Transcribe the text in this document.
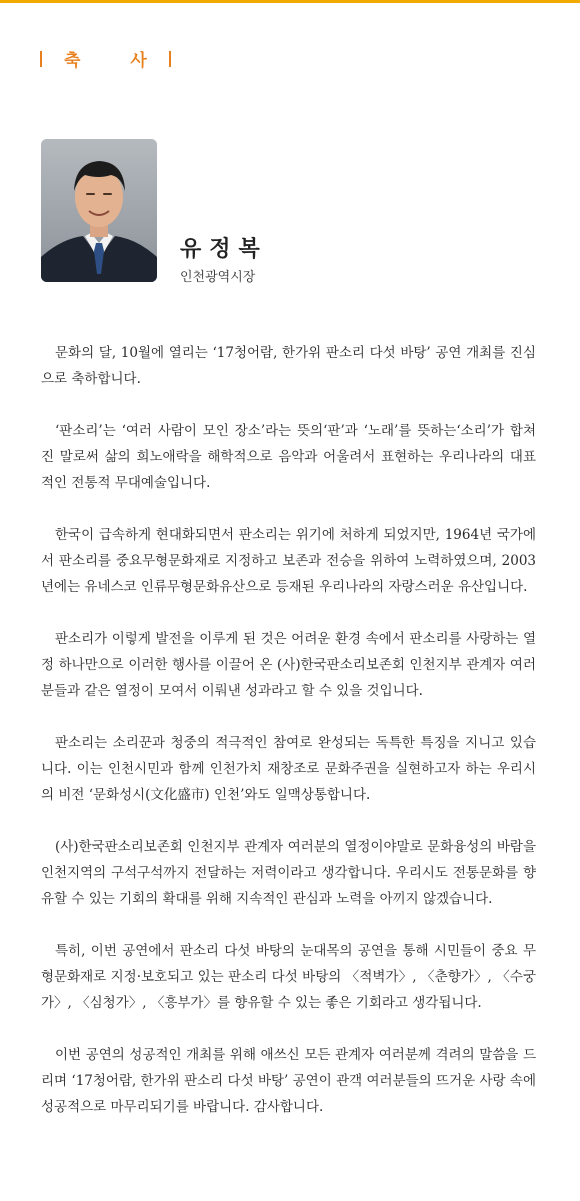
축 사
유정복
인천광역시장

문화의 달, 10월에 열리는 ‘17청어람, 한가위 판소리 다섯 바탕’ 공연 개최를 진심으로 축하합니다.

‘판소리’는 ‘여러 사람이 모인 장소’라는 뜻의‘판’과 ‘노래’를 뜻하는‘소리’가 합쳐진 말로써 삶의 희노애락을 해학적으로 음악과 어울려서 표현하는 우리나라의 대표적인 전통적 무대예술입니다.

한국이 급속하게 현대화되면서 판소리는 위기에 처하게 되었지만, 1964년 국가에서 판소리를 중요무형문화재로 지정하고 보존과 전승을 위하여 노력하였으며, 2003년에는 유네스코 인류무형문화유산으로 등재된 우리나라의 자랑스러운 유산입니다.

판소리가 이렇게 발전을 이루게 된 것은 어려운 환경 속에서 판소리를 사랑하는 열정 하나만으로 이러한 행사를 이끌어 온 (사)한국판소리보존회 인천지부 관계자 여러분들과 같은 열정이 모여서 이뤄낸 성과라고 할 수 있을 것입니다.

판소리는 소리꾼과 청중의 적극적인 참여로 완성되는 독특한 특징을 지니고 있습니다. 이는 인천시민과 함께 인천가치 재창조로 문화주권을 실현하고자 하는 우리시의 비전 ‘문화성시(文化盛市) 인천’와도 일맥상통합니다.

(사)한국판소리보존회 인천지부 관계자 여러분의 열정이야말로 문화융성의 바람을 인천지역의 구석구석까지 전달하는 저력이라고 생각합니다. 우리시도 전통문화를 향유할 수 있는 기회의 확대를 위해 지속적인 관심과 노력을 아끼지 않겠습니다.

특히, 이번 공연에서 판소리 다섯 바탕의 눈대목의 공연을 통해 시민들이 중요 무형문화재로 지정·보호되고 있는 판소리 다섯 바탕의 〈적벽가〉, 〈춘향가〉, 〈수궁가〉, 〈심청가〉, 〈흥부가〉를 향유할 수 있는 좋은 기회라고 생각됩니다.

이번 공연의 성공적인 개최를 위해 애쓰신 모든 관계자 여러분께 격려의 말씀을 드리며 ‘17청어람, 한가위 판소리 다섯 바탕’ 공연이 관객 여러분들의 뜨거운 사랑 속에 성공적으로 마무리되기를 바랍니다. 감사합니다.
